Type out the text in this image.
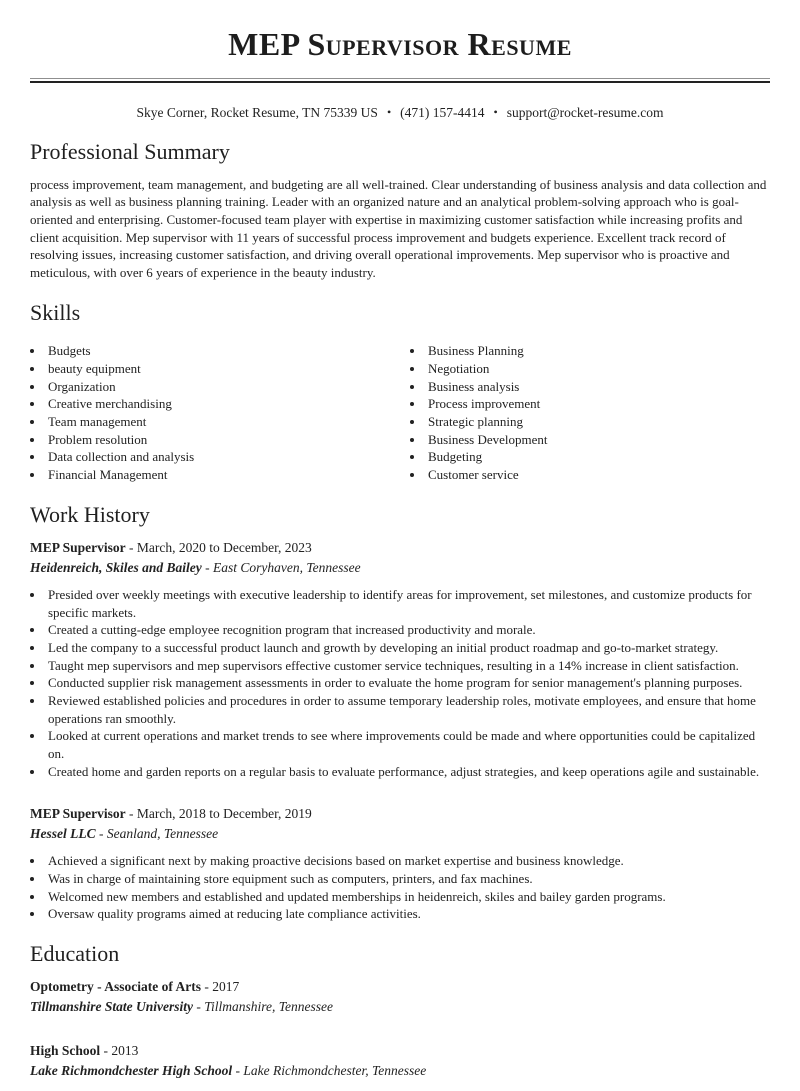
MEP Supervisor Resume
Skye Corner, Rocket Resume, TN 75339 US • (471) 157-4414 • support@rocket-resume.com
Professional Summary

process improvement, team management, and budgeting are all well-trained. Clear understanding of business analysis and data collection and analysis as well as business planning training. Leader with an organized nature and an analytical problem-solving approach who is goal-oriented and enterprising. Customer-focused team player with expertise in maximizing customer satisfaction while increasing profits and client acquisition. Mep supervisor with 11 years of successful process improvement and budgets experience. Excellent track record of resolving issues, increasing customer satisfaction, and driving overall operational improvements. Mep supervisor who is proactive and meticulous, with over 6 years of experience in the beauty industry.

Skills
• Budgets
• beauty equipment
• Organization
• Creative merchandising
• Team management
• Problem resolution
• Data collection and analysis
• Financial Management
• Business Planning
• Negotiation
• Business analysis
• Process improvement
• Strategic planning
• Business Development
• Budgeting
• Customer service
Work History

MEP Supervisor - March, 2020 to December, 2023

Heidenreich, Skiles and Bailey - East Coryhaven, Tennessee

• Presided over weekly meetings with executive leadership to identify areas for improvement, set milestones, and customize products for specific markets.
• Created a cutting-edge employee recognition program that increased productivity and morale.
• Led the company to a successful product launch and growth by developing an initial product roadmap and go-to-market strategy.
• Taught mep supervisors and mep supervisors effective customer service techniques, resulting in a 14% increase in client satisfaction.
• Conducted supplier risk management assessments in order to evaluate the home program for senior management's planning purposes.
• Reviewed established policies and procedures in order to assume temporary leadership roles, motivate employees, and ensure that home operations ran smoothly.
• Looked at current operations and market trends to see where improvements could be made and where opportunities could be capitalized on.
• Created home and garden reports on a regular basis to evaluate performance, adjust strategies, and keep operations agile and sustainable.

MEP Supervisor - March, 2018 to December, 2019

Hessel LLC - Seanland, Tennessee

• Achieved a significant next by making proactive decisions based on market expertise and business knowledge.
• Was in charge of maintaining store equipment such as computers, printers, and fax machines.
• Welcomed new members and established and updated memberships in heidenreich, skiles and bailey garden programs.
• Oversaw quality programs aimed at reducing late compliance activities.
Education

Optometry - Associate of Arts - 2017

Tillmanshire State University - Tillmanshire, Tennessee

High School - 2013

Lake Richmondchester High School - Lake Richmondchester, Tennessee
